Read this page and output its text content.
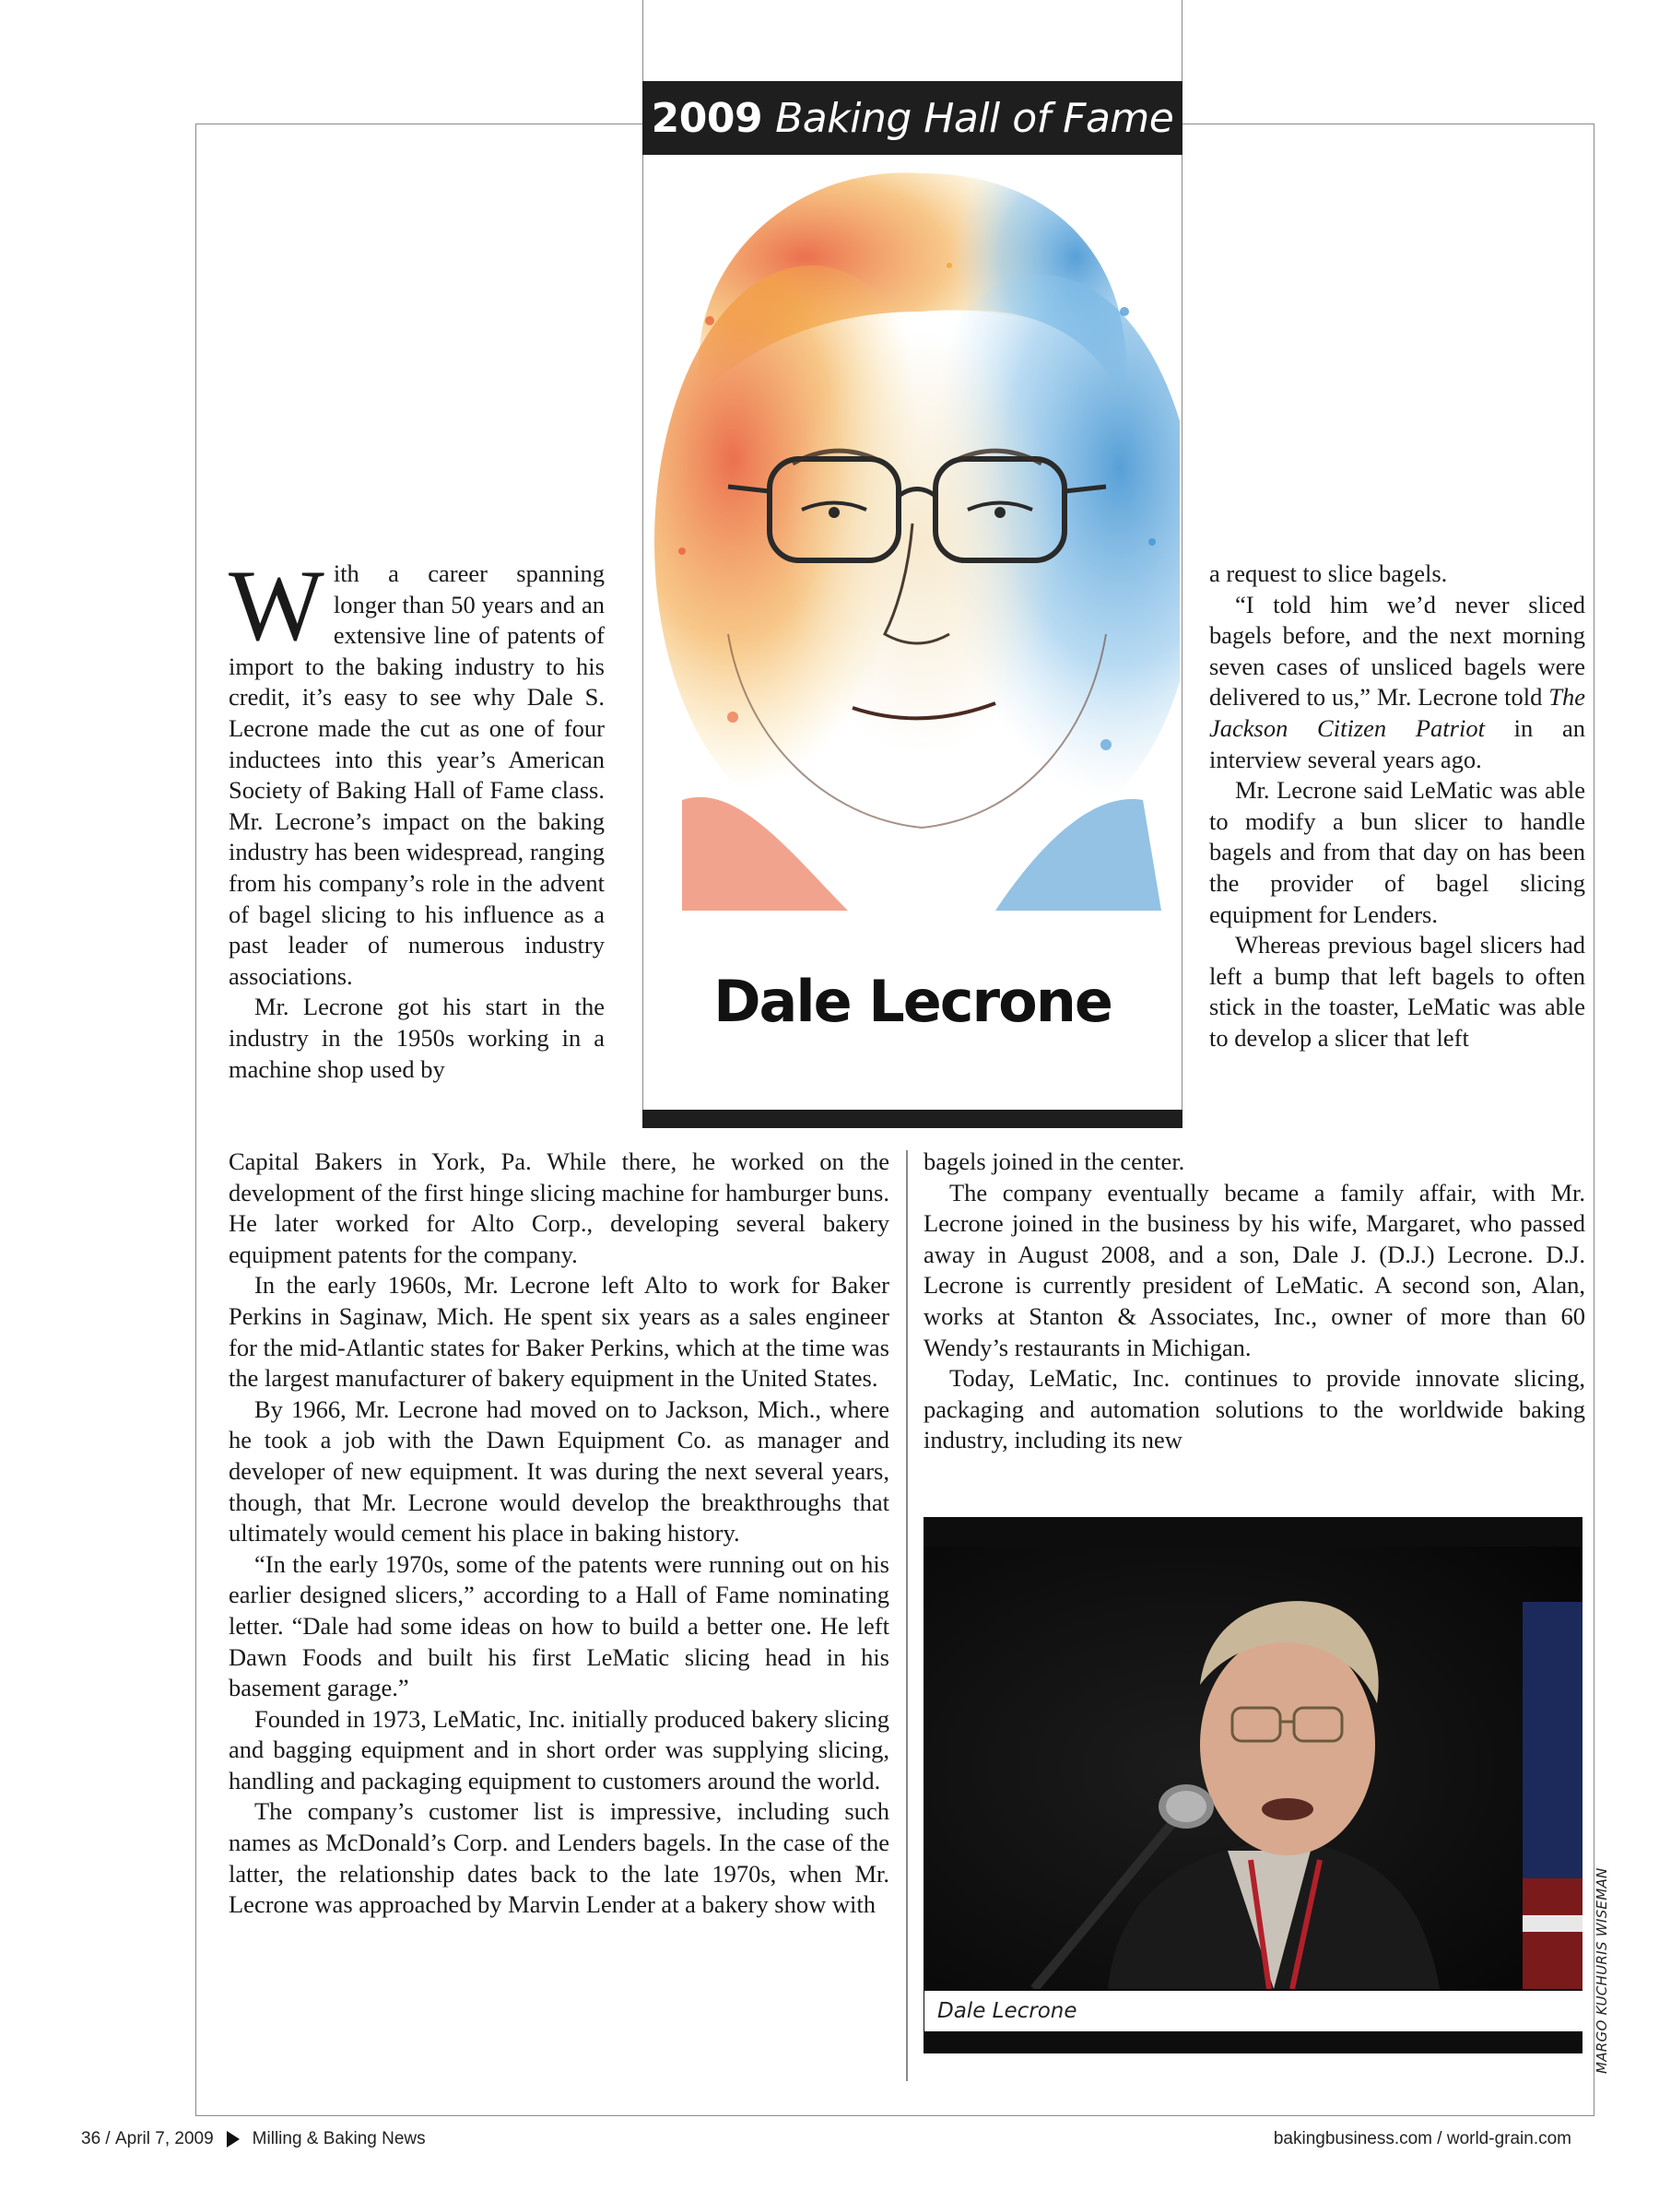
2009 Baking Hall of Fame
Dale Lecrone

With a career spanning longer than 50 years and an extensive line of patents of import to the baking industry to his credit, it’s easy to see why Dale S. Lecrone made the cut as one of four inductees into this year’s American Society of Baking Hall of Fame class. Mr. Lecrone’s impact on the baking industry has been widespread, ranging from his company’s role in the advent of bagel slicing to his influence as a past leader of numerous industry associations.

Mr. Lecrone got his start in the industry in the 1950s working in a machine shop used by

Capital Bakers in York, Pa. While there, he worked on the development of the first hinge slicing machine for hamburger buns. He later worked for Alto Corp., developing several bakery equipment patents for the company.

In the early 1960s, Mr. Lecrone left Alto to work for Baker Perkins in Saginaw, Mich. He spent six years as a sales engineer for the mid-Atlantic states for Baker Perkins, which at the time was the largest manufacturer of bakery equipment in the United States.

By 1966, Mr. Lecrone had moved on to Jackson, Mich., where he took a job with the Dawn Equipment Co. as manager and developer of new equipment. It was during the next several years, though, that Mr. Lecrone would develop the breakthroughs that ultimately would cement his place in baking history.

“In the early 1970s, some of the patents were running out on his earlier designed slicers,” according to a Hall of Fame nominating letter. “Dale had some ideas on how to build a better one. He left Dawn Foods and built his first LeMatic slicing head in his basement garage.”

Founded in 1973, LeMatic, Inc. initially produced bakery slicing and bagging equipment and in short order was supplying slicing, handling and packaging equipment to customers around the world.

The company’s customer list is impressive, including such names as McDonald’s Corp. and Lenders bagels. In the case of the latter, the relationship dates back to the late 1970s, when Mr. Lecrone was approached by Marvin Lender at a bakery show with

a request to slice bagels.

“I told him we’d never sliced bagels before, and the next morning seven cases of unsliced bagels were delivered to us,” Mr. Lecrone told The Jackson Citizen Patriot in an interview several years ago.

Mr. Lecrone said LeMatic was able to modify a bun slicer to handle bagels and from that day on has been the provider of bagel slicing equipment for Lenders.

Whereas previous bagel slicers had left a bump that left bagels to often stick in the toaster, LeMatic was able to develop a slicer that left

bagels joined in the center.

The company eventually became a family affair, with Mr. Lecrone joined in the business by his wife, Margaret, who passed away in August 2008, and a son, Dale J. (D.J.) Lecrone. D.J. Lecrone is currently president of LeMatic. A second son, Alan, works at Stanton & Associates, Inc., owner of more than 60 Wendy’s restaurants in Michigan.

Today, LeMatic, Inc. continues to provide innovate slicing, packaging and automation solutions to the worldwide baking industry, including its new

Dale Lecrone	MARGO KUCHURIS WISEMAN
36 /
April 7, 2009 Milling & Baking News	bakingbusiness.com / world-grain.com
